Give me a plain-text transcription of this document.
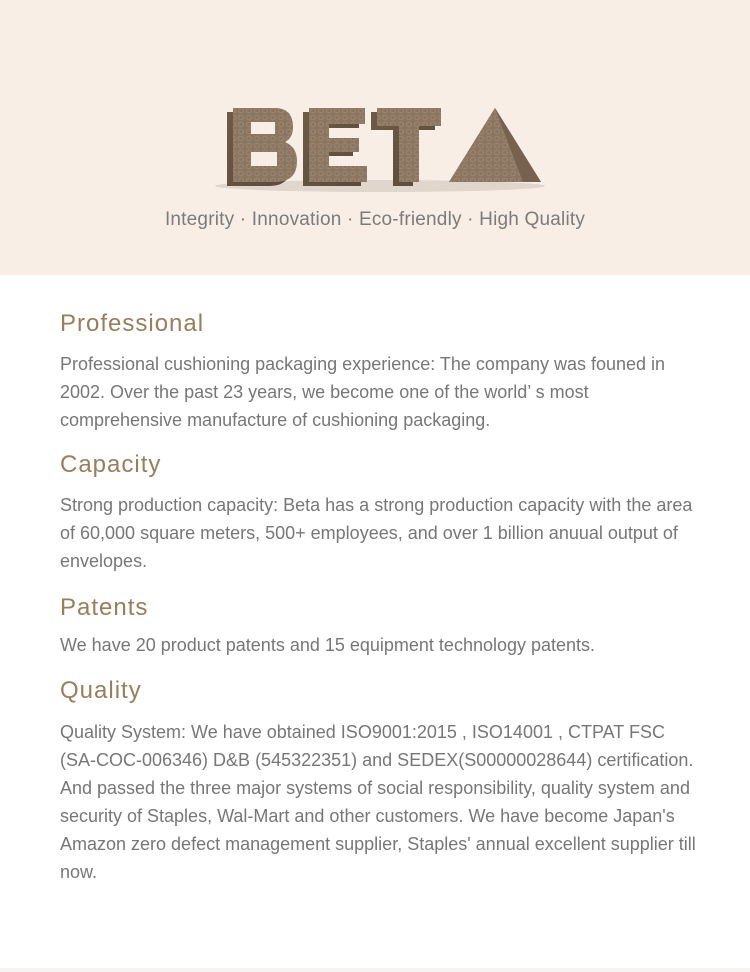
Integrity · Innovation · Eco-friendly · High Quality
Professional

Professional cushioning packaging experience: The company was founed in 2002. Over the past 23 years, we become one of the world’ s most comprehensive manufacture of cushioning packaging.

Capacity

Strong production capacity: Beta has a strong production capacity with the area of 60,000 square meters, 500+ employees, and over 1 billion anuual output of envelopes.

Patents

We have 20 product patents and 15 equipment technology patents.

Quality

Quality System: We have obtained ISO9001:2015 , ISO14001 , CTPAT FSC (SA-COC-006346) D&B (545322351) and SEDEX(S00000028644) certification. And passed the three major systems of social responsibility, quality system and security of Staples, Wal-Mart and other customers. We have become Japan's Amazon zero defect management supplier, Staples' annual excellent supplier till now.
